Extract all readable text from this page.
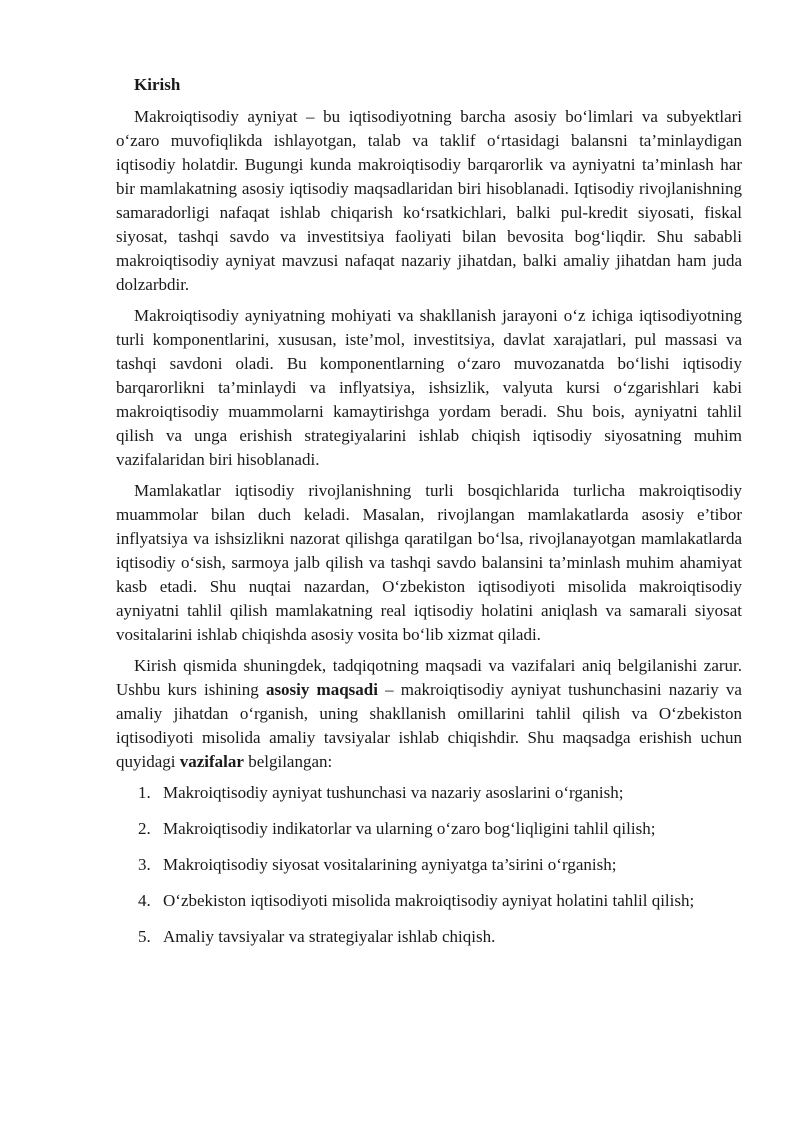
Kirish

Makroiqtisodiy ayniyat – bu iqtisodiyotning barcha asosiy bo‘limlari va subyektlari o‘zaro muvofiqlikda ishlayotgan, talab va taklif o‘rtasidagi balansni ta’minlaydigan iqtisodiy holatdir. Bugungi kunda makroiqtisodiy barqarorlik va ayniyatni ta’minlash har bir mamlakatning asosiy iqtisodiy maqsadlaridan biri hisoblanadi. Iqtisodiy rivojlanishning samaradorligi nafaqat ishlab chiqarish ko‘rsatkichlari, balki pul-kredit siyosati, fiskal siyosat, tashqi savdo va investitsiya faoliyati bilan bevosita bog‘liqdir. Shu sababli makroiqtisodiy ayniyat mavzusi nafaqat nazariy jihatdan, balki amaliy jihatdan ham juda dolzarbdir.

Makroiqtisodiy ayniyatning mohiyati va shakllanish jarayoni o‘z ichiga iqtisodiyotning turli komponentlarini, xususan, iste’mol, investitsiya, davlat xarajatlari, pul massasi va tashqi savdoni oladi. Bu komponentlarning o‘zaro muvozanatda bo‘lishi iqtisodiy barqarorlikni ta’minlaydi va inflyatsiya, ishsizlik, valyuta kursi o‘zgarishlari kabi makroiqtisodiy muammolarni kamaytirishga yordam beradi. Shu bois, ayniyatni tahlil qilish va unga erishish strategiyalarini ishlab chiqish iqtisodiy siyosatning muhim vazifalaridan biri hisoblanadi.

Mamlakatlar iqtisodiy rivojlanishning turli bosqichlarida turlicha makroiqtisodiy muammolar bilan duch keladi. Masalan, rivojlangan mamlakatlarda asosiy e’tibor inflyatsiya va ishsizlikni nazorat qilishga qaratilgan bo‘lsa, rivojlanayotgan mamlakatlarda iqtisodiy o‘sish, sarmoya jalb qilish va tashqi savdo balansini ta’minlash muhim ahamiyat kasb etadi. Shu nuqtai nazardan, O‘zbekiston iqtisodiyoti misolida makroiqtisodiy ayniyatni tahlil qilish mamlakatning real iqtisodiy holatini aniqlash va samarali siyosat vositalarini ishlab chiqishda asosiy vosita bo‘lib xizmat qiladi.

Kirish qismida shuningdek, tadqiqotning maqsadi va vazifalari aniq belgilanishi zarur. Ushbu kurs ishining asosiy maqsadi – makroiqtisodiy ayniyat tushunchasini nazariy va amaliy jihatdan o‘rganish, uning shakllanish omillarini tahlil qilish va O‘zbekiston iqtisodiyoti misolida amaliy tavsiyalar ishlab chiqishdir. Shu maqsadga erishish uchun quyidagi vazifalar belgilangan:

1. Makroiqtisodiy ayniyat tushunchasi va nazariy asoslarini o‘rganish;
2. Makroiqtisodiy indikatorlar va ularning o‘zaro bog‘liqligini tahlil qilish;
3. Makroiqtisodiy siyosat vositalarining ayniyatga ta’sirini o‘rganish;
4. O‘zbekiston iqtisodiyoti misolida makroiqtisodiy ayniyat holatini tahlil qilish;
5. Amaliy tavsiyalar va strategiyalar ishlab chiqish.
